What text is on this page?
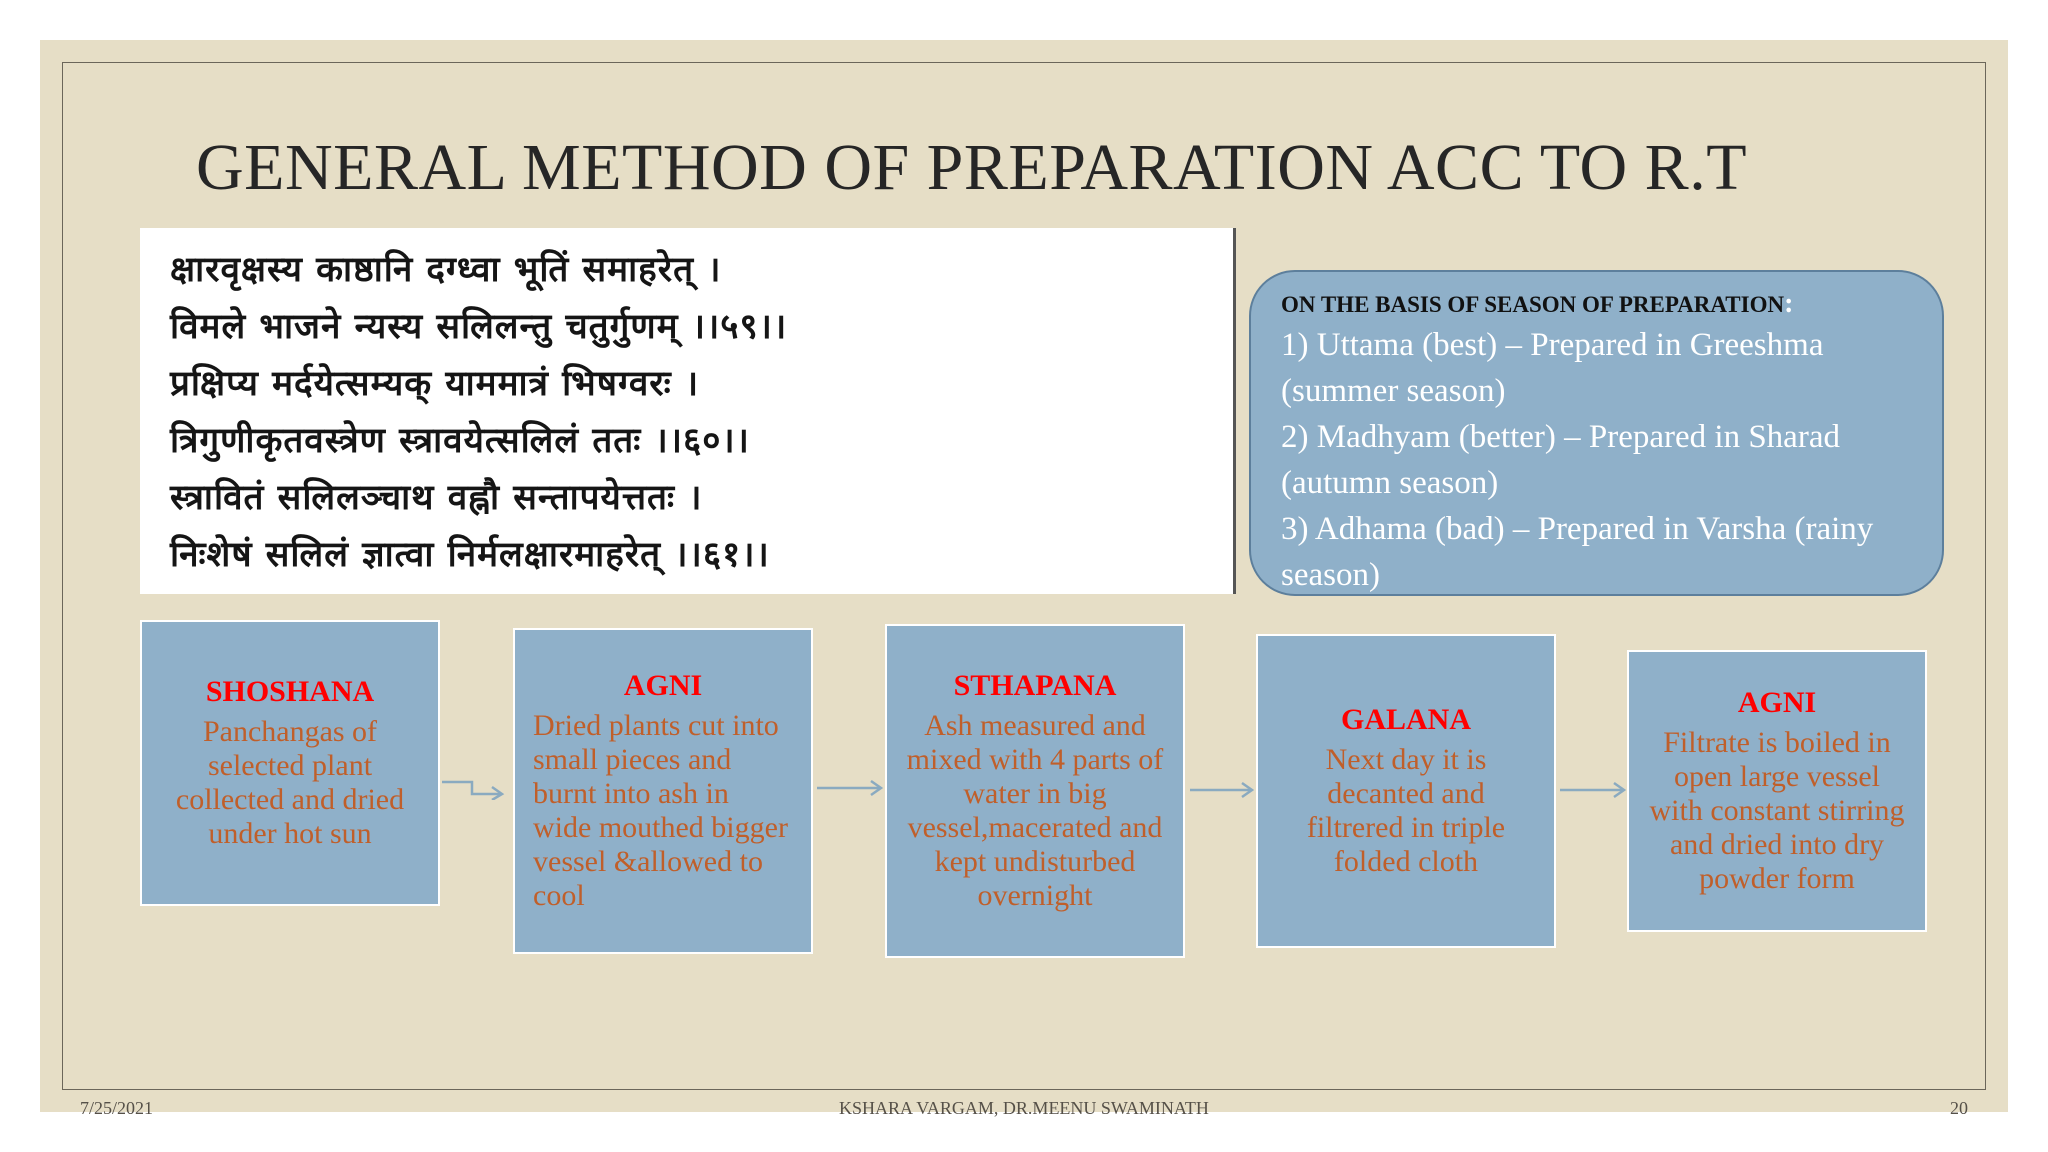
GENERAL METHOD OF PREPARATION ACC TO R.T
क्षारवृक्षस्य काष्ठानि दग्ध्वा भूतिं समाहरेत् ।
विमले भाजने न्यस्य सलिलन्तु चतुर्गुणम् ।।५९।।
प्रक्षिप्य मर्दयेत्सम्यक् याममात्रं भिषग्वरः ।
त्रिगुणीकृतवस्त्रेण स्त्रावयेत्सलिलं ततः ।।६०।।
स्त्रावितं सलिलञ्चाथ वह्नौ सन्तापयेत्ततः ।
निःशेषं सलिलं ज्ञात्वा निर्मलक्षारमाहरेत् ।।६१।।
ON THE BASIS OF SEASON OF PREPARATION:
1) Uttama (best) – Prepared in Greeshma (summer season)
2) Madhyam (better) – Prepared in Sharad (autumn season)
3) Adhama (bad) – Prepared in Varsha (rainy season)
SHOSHANA
Panchangas of selected plant collected and dried under hot sun
AGNI
Dried plants cut into small pieces and burnt into ash in wide mouthed bigger vessel &allowed to cool
STHAPANA
Ash measured and mixed with 4 parts of water in big vessel,macerated and kept undisturbed overnight
GALANA
Next day it is decanted and filtrered in triple folded cloth
AGNI
Filtrate is boiled in open large vessel with constant stirring and dried into dry powder form
7/25/2021	KSHARA VARGAM, DR.MEENU SWAMINATH	20
